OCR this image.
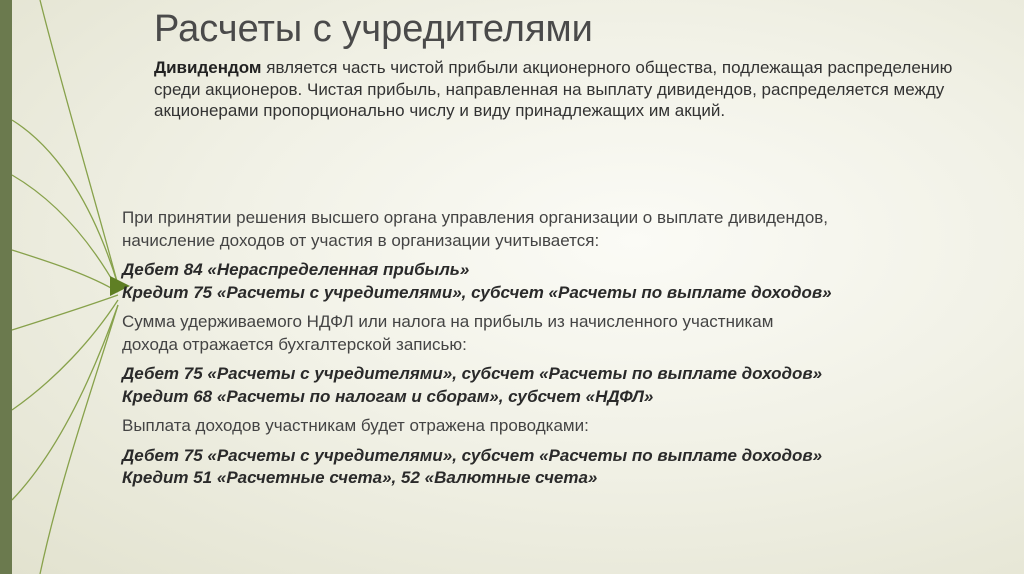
Расчеты с учредителями

Дивидендом является часть чистой прибыли акционерного общества, подлежащая распределению среди акционеров. Чистая прибыль, направленная на выплату дивидендов, распределяется между акционерами пропорционально числу и виду принадлежащих им акций.

При принятии решения высшего органа управления организации о выплате дивидендов,

начисление доходов от участия в организации учитывается:

Дебет 84 «Нераспределенная прибыль»

Кредит 75 «Расчеты с учредителями», субсчет «Расчеты по выплате доходов»

Сумма удерживаемого НДФЛ или налога на прибыль из начисленного участникам

дохода отражается бухгалтерской записью:

Дебет 75 «Расчеты с учредителями», субсчет «Расчеты по выплате доходов»

Кредит 68 «Расчеты по налогам и сборам», субсчет «НДФЛ»

Выплата доходов участникам будет отражена проводками:

Дебет 75 «Расчеты с учредителями», субсчет «Расчеты по выплате доходов»

Кредит 51 «Расчетные счета», 52 «Валютные счета»
